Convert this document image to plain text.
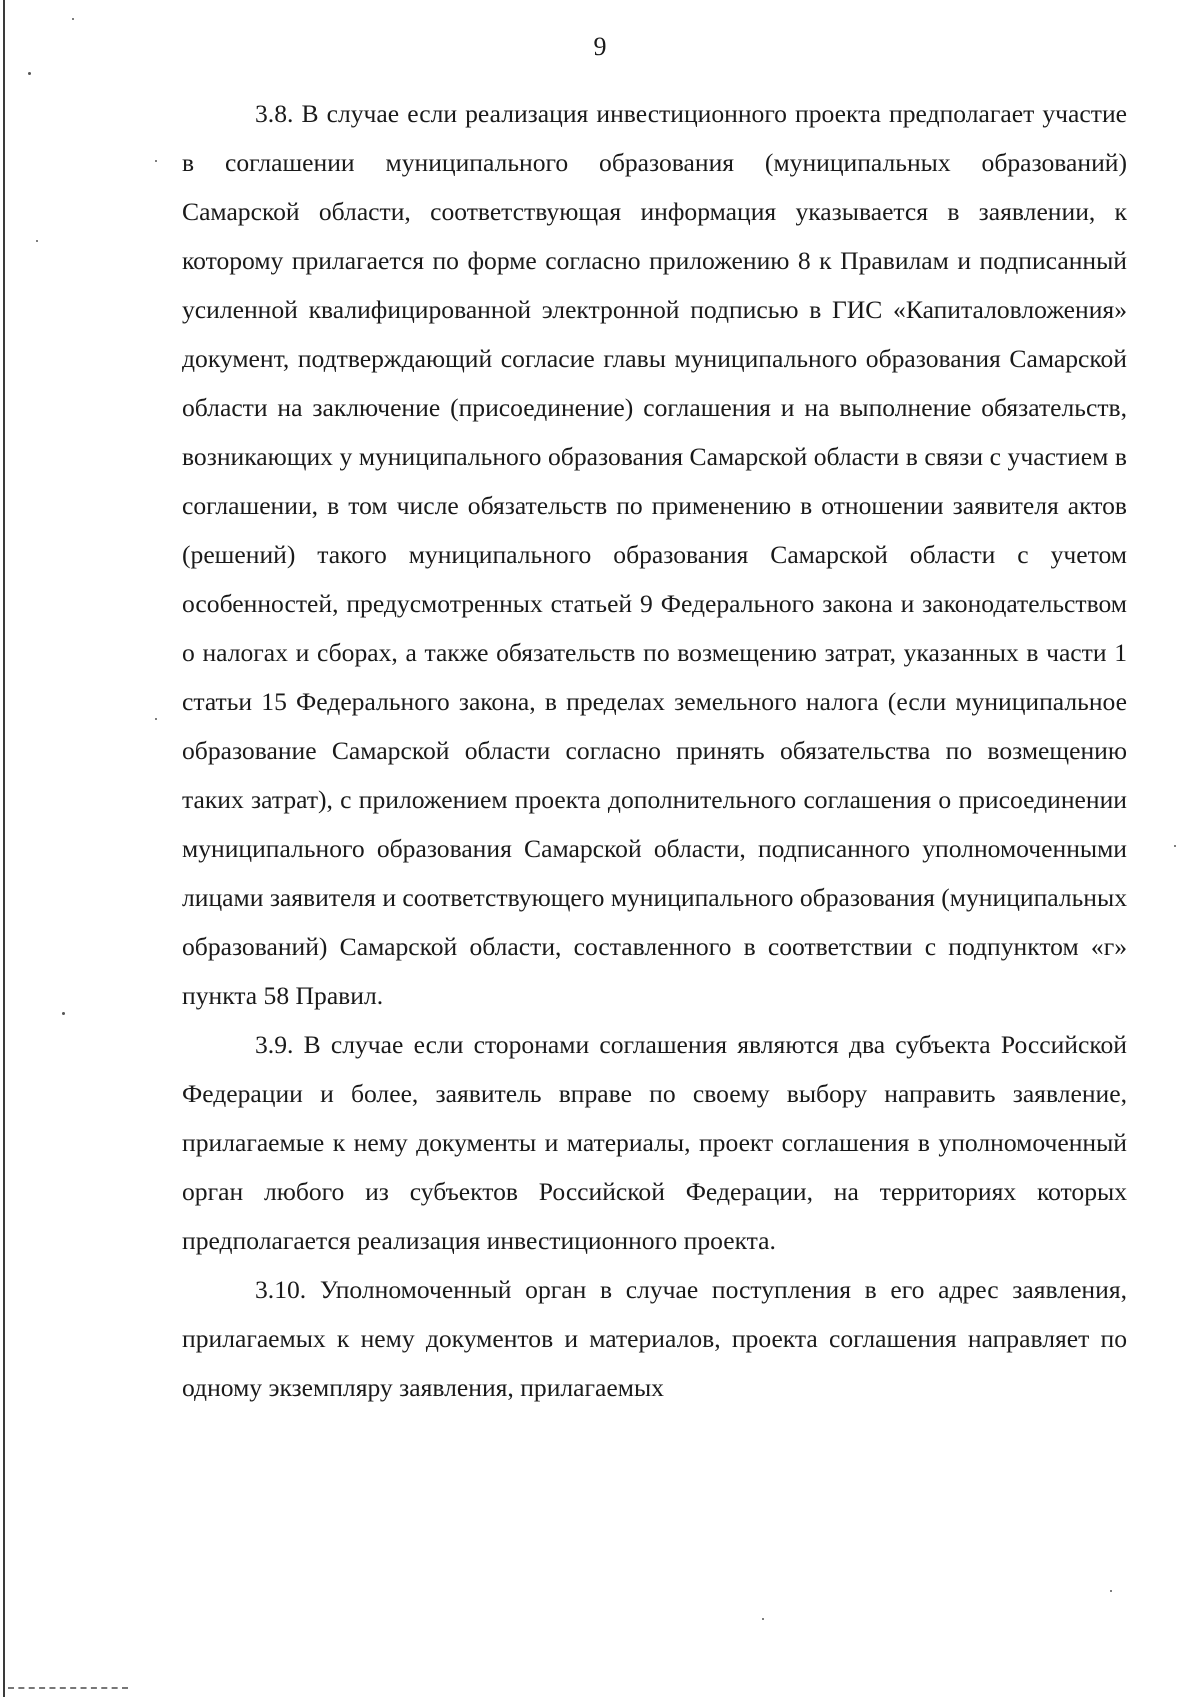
9

3.8. В случае если реализация инвестиционного проекта предполагает участие в соглашении муниципального образования (муниципальных образований) Самарской области, соответствующая информация указывается в заявлении, к которому прилагается по форме согласно приложению 8 к Правилам и подписанный усиленной квалифицированной электронной подписью в ГИС «Капиталовложения» документ, подтверждающий согласие главы муниципального образования Самарской области на заключение (присоединение) соглашения и на выполнение обязательств, возникающих у муниципального образования Самарской области в связи с участием в соглашении, в том числе обязательств по применению в отношении заявителя актов (решений) такого муниципального образования Самарской области с учетом особенностей, предусмотренных статьей 9 Федерального закона и законодательством о налогах и сборах, а также обязательств по возмещению затрат, указанных в части 1 статьи 15 Федерального закона, в пределах земельного налога (если муниципальное образование Самарской области согласно принять обязательства по возмещению таких затрат), с приложением проекта дополнительного соглашения о присоединении муниципального образования Самарской области, подписанного уполномоченными лицами заявителя и соответствующего муниципального образования (муниципальных образований) Самарской области, составленного в соответствии с подпунктом «г» пункта 58 Правил.

3.9. В случае если сторонами соглашения являются два субъекта Российской Федерации и более, заявитель вправе по своему выбору направить заявление, прилагаемые к нему документы и материалы, проект соглашения в уполномоченный орган любого из субъектов Российской Федерации, на территориях которых предполагается реализация инвестиционного проекта.

3.10. Уполномоченный орган в случае поступления в его адрес заявления, прилагаемых к нему документов и материалов, проекта соглашения направляет по одному экземпляру заявления, прилагаемых
